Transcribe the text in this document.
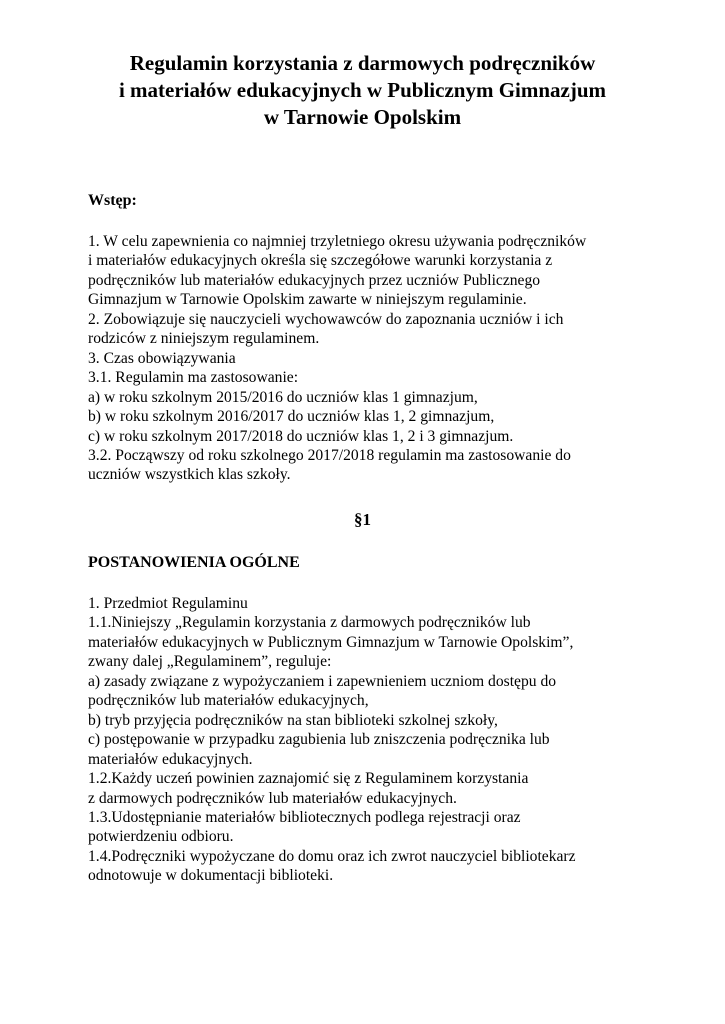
Regulamin korzystania z darmowych podręczników
i materiałów edukacyjnych w Publicznym Gimnazjum
w Tarnowie Opolskim
Wstęp:
1. W celu zapewnienia co najmniej trzyletniego okresu używania podręczników
i materiałów edukacyjnych określa się szczegółowe warunki korzystania z
podręczników lub materiałów edukacyjnych przez uczniów Publicznego
Gimnazjum w Tarnowie Opolskim zawarte w niniejszym regulaminie.
2. Zobowiązuje się nauczycieli wychowawców do zapoznania uczniów i ich
rodziców z niniejszym regulaminem.
3. Czas obowiązywania
3.1. Regulamin ma zastosowanie:
a) w roku szkolnym 2015/2016 do uczniów klas 1 gimnazjum,
b) w roku szkolnym 2016/2017 do uczniów klas 1, 2 gimnazjum,
c) w roku szkolnym 2017/2018 do uczniów klas 1, 2 i 3 gimnazjum.
3.2. Począwszy od roku szkolnego 2017/2018 regulamin ma zastosowanie do
uczniów wszystkich klas szkoły.
§1
POSTANOWIENIA OGÓLNE
1. Przedmiot Regulaminu
1.1.Niniejszy „Regulamin korzystania z darmowych podręczników lub
materiałów edukacyjnych w Publicznym Gimnazjum w Tarnowie Opolskim”,
zwany dalej „Regulaminem”, reguluje:
a) zasady związane z wypożyczaniem i zapewnieniem uczniom dostępu do
podręczników lub materiałów edukacyjnych,
b) tryb przyjęcia podręczników na stan biblioteki szkolnej szkoły,
c) postępowanie w przypadku zagubienia lub zniszczenia podręcznika lub
materiałów edukacyjnych.
1.2.Każdy uczeń powinien zaznajomić się z Regulaminem korzystania
z darmowych podręczników lub materiałów edukacyjnych.
1.3.Udostępnianie materiałów bibliotecznych podlega rejestracji oraz
potwierdzeniu odbioru.
1.4.Podręczniki wypożyczane do domu oraz ich zwrot nauczyciel bibliotekarz
odnotowuje w dokumentacji biblioteki.
